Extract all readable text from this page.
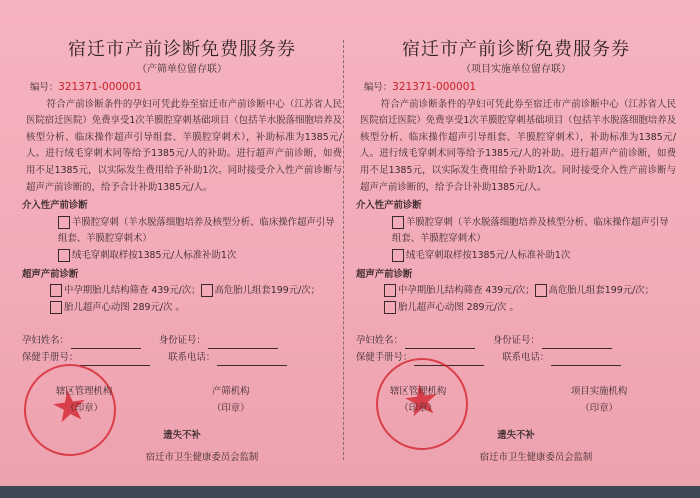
宿迁市产前诊断免费服务券
（产筛单位留存联）
编号：321371-000001
符合产前诊断条件的孕妇可凭此券至宿迁市产前诊断中心（江苏省人民医院宿迁医院）免费享受1次羊膜腔穿刺基础项目（包括羊水脱落细胞培养及核型分析、临床操作超声引导组套、羊膜腔穿刺术），补助标准为1385元/人。进行绒毛穿刺术同等给予1385元/人的补助。进行超声产前诊断，如费用不足1385元，以实际发生费用给予补助1次。同时接受介入性产前诊断与超声产前诊断的，给予合计补助1385元/人。
介入性产前诊断
羊膜腔穿刺（羊水脱落细胞培养及核型分析、临床操作超声引导组套、羊膜腔穿刺术）
绒毛穿刺取样按1385元/人标准补助1次
超声产前诊断
中孕期胎儿结构筛查 439元/次； 高危胎儿组套199元/次；
胎儿超声心动图 289元/次 。
孕妇姓名：	身份证号：
保健手册号：	联系电话：
辖区管理机构
（印章）
产筛机构
（印章）
遗失不补
宿迁市卫生健康委员会监制
宿迁市产前诊断免费服务券
（项目实施单位留存联）
编号：321371-000001
符合产前诊断条件的孕妇可凭此券至宿迁市产前诊断中心（江苏省人民医院宿迁医院）免费享受1次羊膜腔穿刺基础项目（包括羊水脱落细胞培养及核型分析、临床操作超声引导组套、羊膜腔穿刺术），补助标准为1385元/人。进行绒毛穿刺术同等给予1385元/人的补助。进行超声产前诊断，如费用不足1385元，以实际发生费用给予补助1次。同时接受介入性产前诊断与超声产前诊断的，给予合计补助1385元/人。
介入性产前诊断
羊膜腔穿刺（羊水脱落细胞培养及核型分析、临床操作超声引导组套、羊膜腔穿刺术）
绒毛穿刺取样按1385元/人标准补助1次
超声产前诊断
中孕期胎儿结构筛查 439元/次； 高危胎儿组套199元/次；
胎儿超声心动图 289元/次 。
孕妇姓名：	身份证号：
保健手册号：	联系电话：
辖区管理机构
（印章）
项目实施机构
（印章）
遗失不补
宿迁市卫生健康委员会监制
